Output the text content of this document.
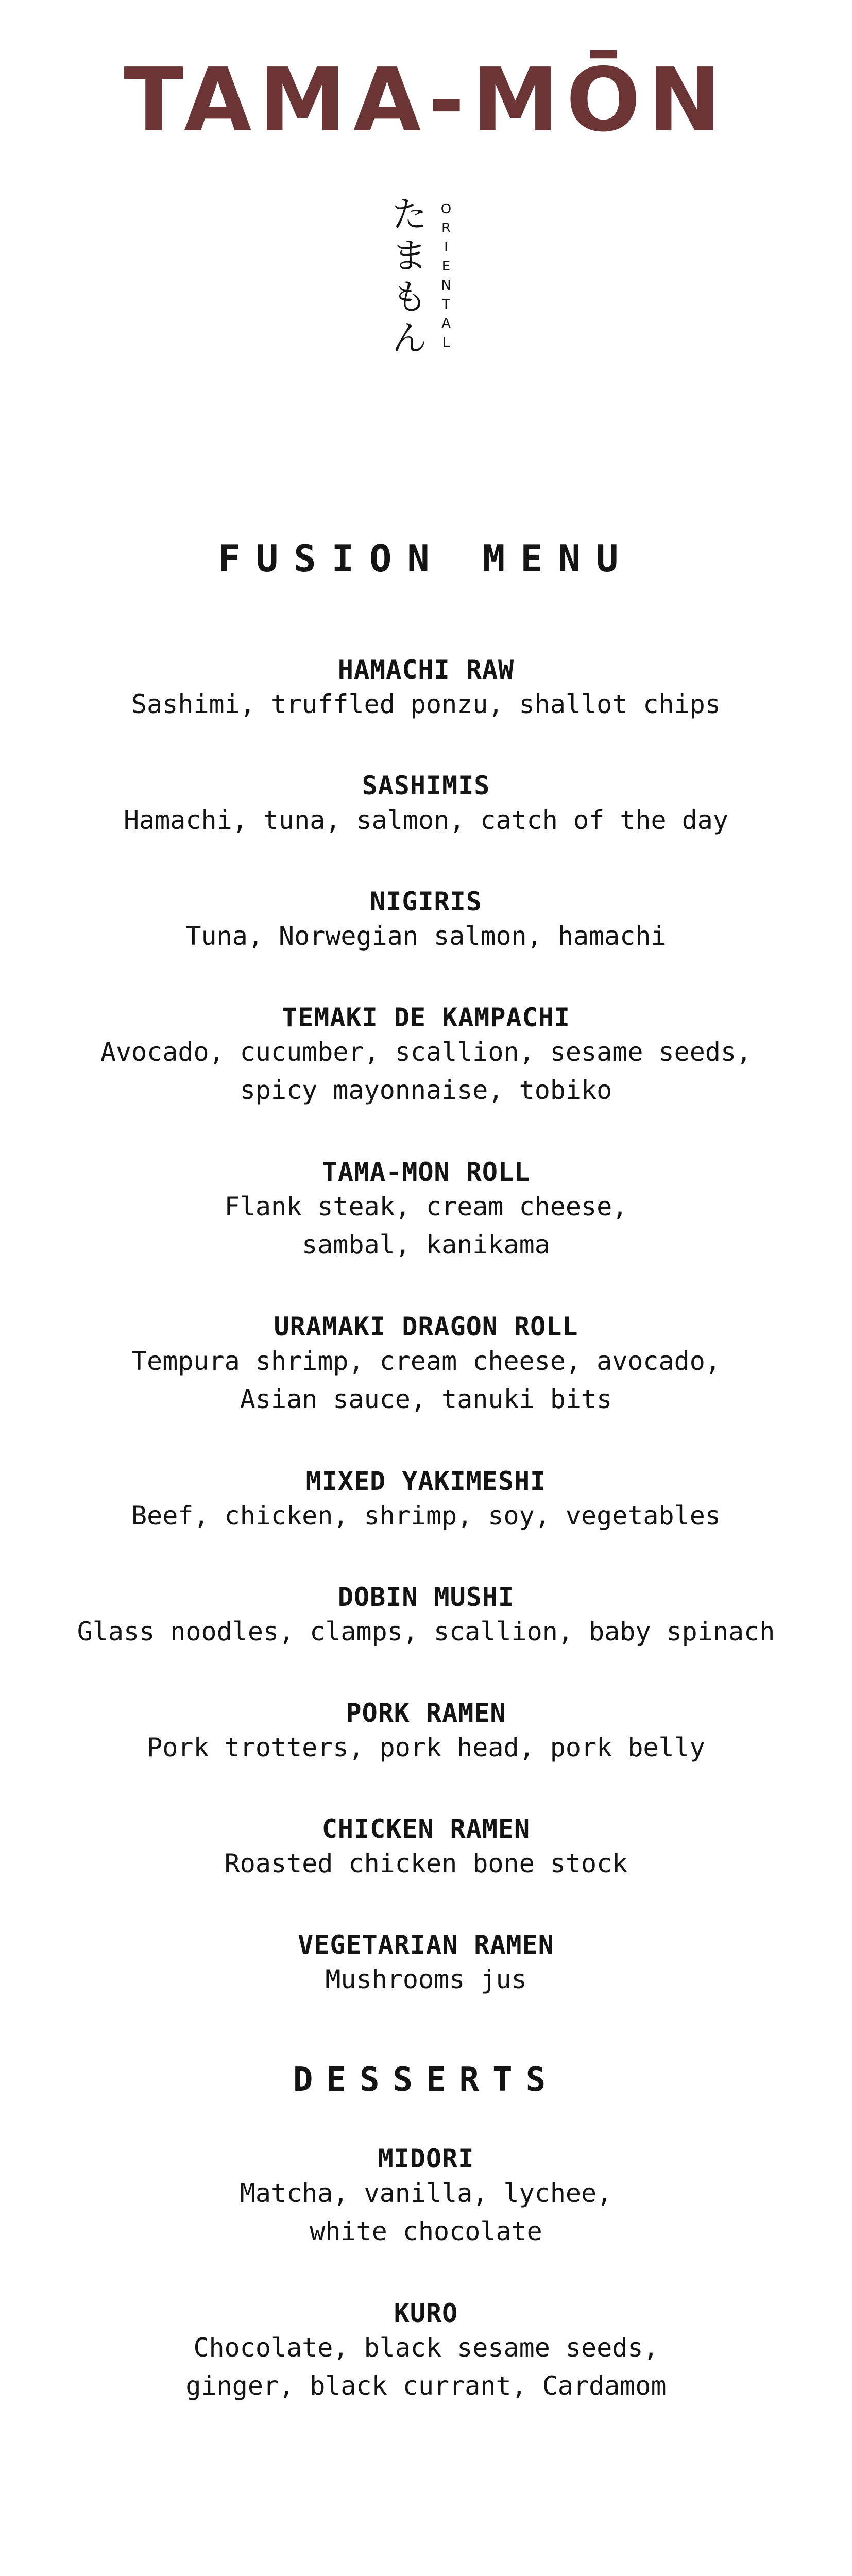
TAMA-MŌN
た
ま
も
ん
O
R
I
E
N
T
A
L
FUSION MENU
HAMACHI RAW
Sashimi, truffled ponzu, shallot chips
SASHIMIS
Hamachi, tuna, salmon, catch of the day
NIGIRIS
Tuna, Norwegian salmon, hamachi
TEMAKI DE KAMPACHI
Avocado, cucumber, scallion, sesame seeds,
spicy mayonnaise, tobiko
TAMA-MON ROLL
Flank steak, cream cheese,
sambal, kanikama
URAMAKI DRAGON ROLL
Tempura shrimp, cream cheese, avocado,
Asian sauce, tanuki bits
MIXED YAKIMESHI
Beef, chicken, shrimp, soy, vegetables
DOBIN MUSHI
Glass noodles, clamps, scallion, baby spinach
PORK RAMEN
Pork trotters, pork head, pork belly
CHICKEN RAMEN
Roasted chicken bone stock
VEGETARIAN RAMEN
Mushrooms jus
DESSERTS
MIDORI
Matcha, vanilla, lychee,
white chocolate
KURO
Chocolate, black sesame seeds,
ginger, black currant, Cardamom
